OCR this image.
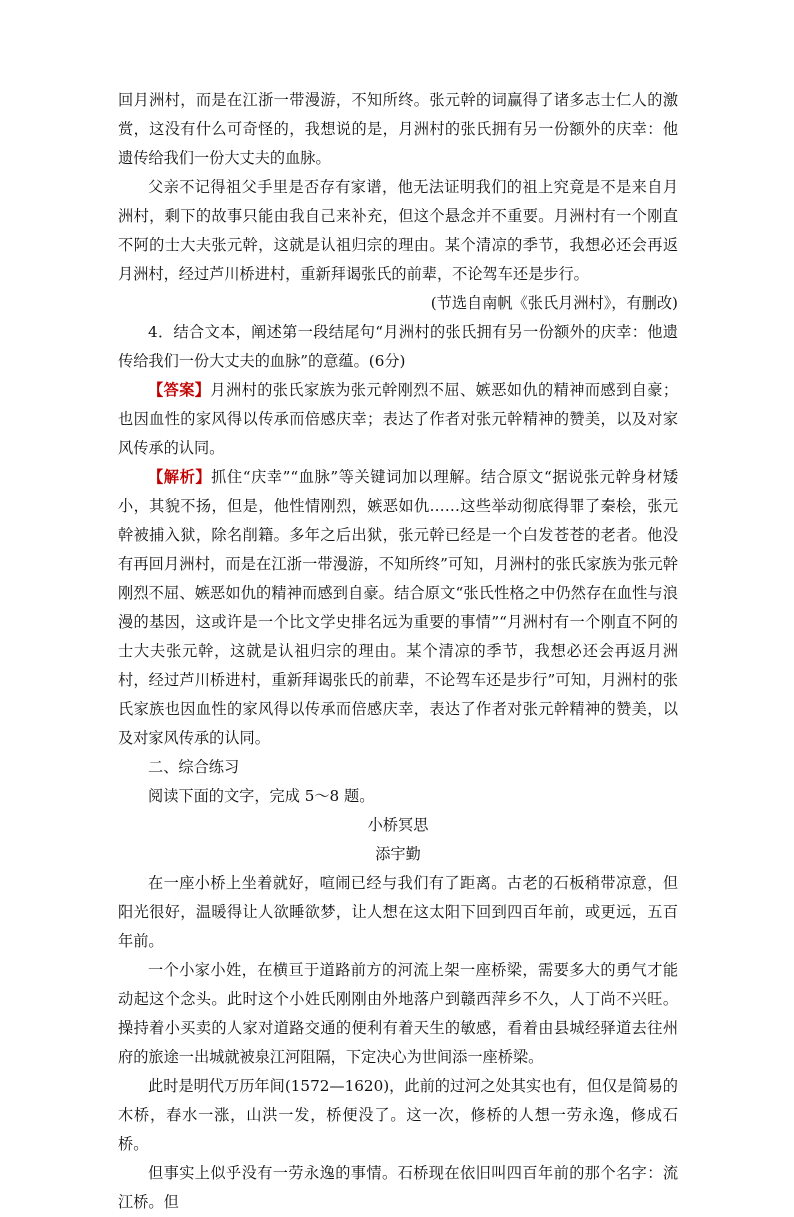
回月洲村，而是在江浙一带漫游，不知所终。张元幹的词赢得了诸多志士仁人的激赏，这没有什么可奇怪的，我想说的是，月洲村的张氏拥有另一份额外的庆幸：他遗传给我们一份大丈夫的血脉。

父亲不记得祖父手里是否存有家谱，他无法证明我们的祖上究竟是不是来自月洲村，剩下的故事只能由我自己来补充，但这个悬念并不重要。月洲村有一个刚直不阿的士大夫张元幹，这就是认祖归宗的理由。某个清凉的季节，我想必还会再返月洲村，经过芦川桥进村，重新拜谒张氏的前辈，不论驾车还是步行。

(节选自南帆《张氏月洲村》，有删改)

4．结合文本，阐述第一段结尾句“月洲村的张氏拥有另一份额外的庆幸：他遗传给我们一份大丈夫的血脉”的意蕴。(6分)

【答案】月洲村的张氏家族为张元幹刚烈不屈、嫉恶如仇的精神而感到自豪；也因血性的家风得以传承而倍感庆幸；表达了作者对张元幹精神的赞美，以及对家风传承的认同。

【解析】抓住“庆幸”“血脉”等关键词加以理解。结合原文“据说张元幹身材矮小，其貌不扬，但是，他性情刚烈，嫉恶如仇……这些举动彻底得罪了秦桧，张元幹被捕入狱，除名削籍。多年之后出狱，张元幹已经是一个白发苍苍的老者。他没有再回月洲村，而是在江浙一带漫游，不知所终”可知，月洲村的张氏家族为张元幹刚烈不屈、嫉恶如仇的精神而感到自豪。结合原文“张氏性格之中仍然存在血性与浪漫的基因，这或许是一个比文学史排名远为重要的事情”“月洲村有一个刚直不阿的士大夫张元幹，这就是认祖归宗的理由。某个清凉的季节，我想必还会再返月洲村，经过芦川桥进村，重新拜谒张氏的前辈，不论驾车还是步行”可知，月洲村的张氏家族也因血性的家风得以传承而倍感庆幸，表达了作者对张元幹精神的赞美，以及对家风传承的认同。

二、综合练习

阅读下面的文字，完成 5～8 题。

小桥冥思

添宇勤

在一座小桥上坐着就好，喧闹已经与我们有了距离。古老的石板稍带凉意，但阳光很好，温暖得让人欲睡欲梦，让人想在这太阳下回到四百年前，或更远，五百年前。

一个小家小姓，在横亘于道路前方的河流上架一座桥梁，需要多大的勇气才能动起这个念头。此时这个小姓氏刚刚由外地落户到赣西萍乡不久，人丁尚不兴旺。操持着小买卖的人家对道路交通的便利有着天生的敏感，看着由县城经驿道去往州府的旅途一出城就被泉江河阻隔，下定决心为世间添一座桥梁。

此时是明代万历年间(1572—1620)，此前的过河之处其实也有，但仅是简易的木桥，春水一涨，山洪一发，桥便没了。这一次，修桥的人想一劳永逸，修成石桥。

但事实上似乎没有一劳永逸的事情。石桥现在依旧叫四百年前的那个名字：流江桥。但
